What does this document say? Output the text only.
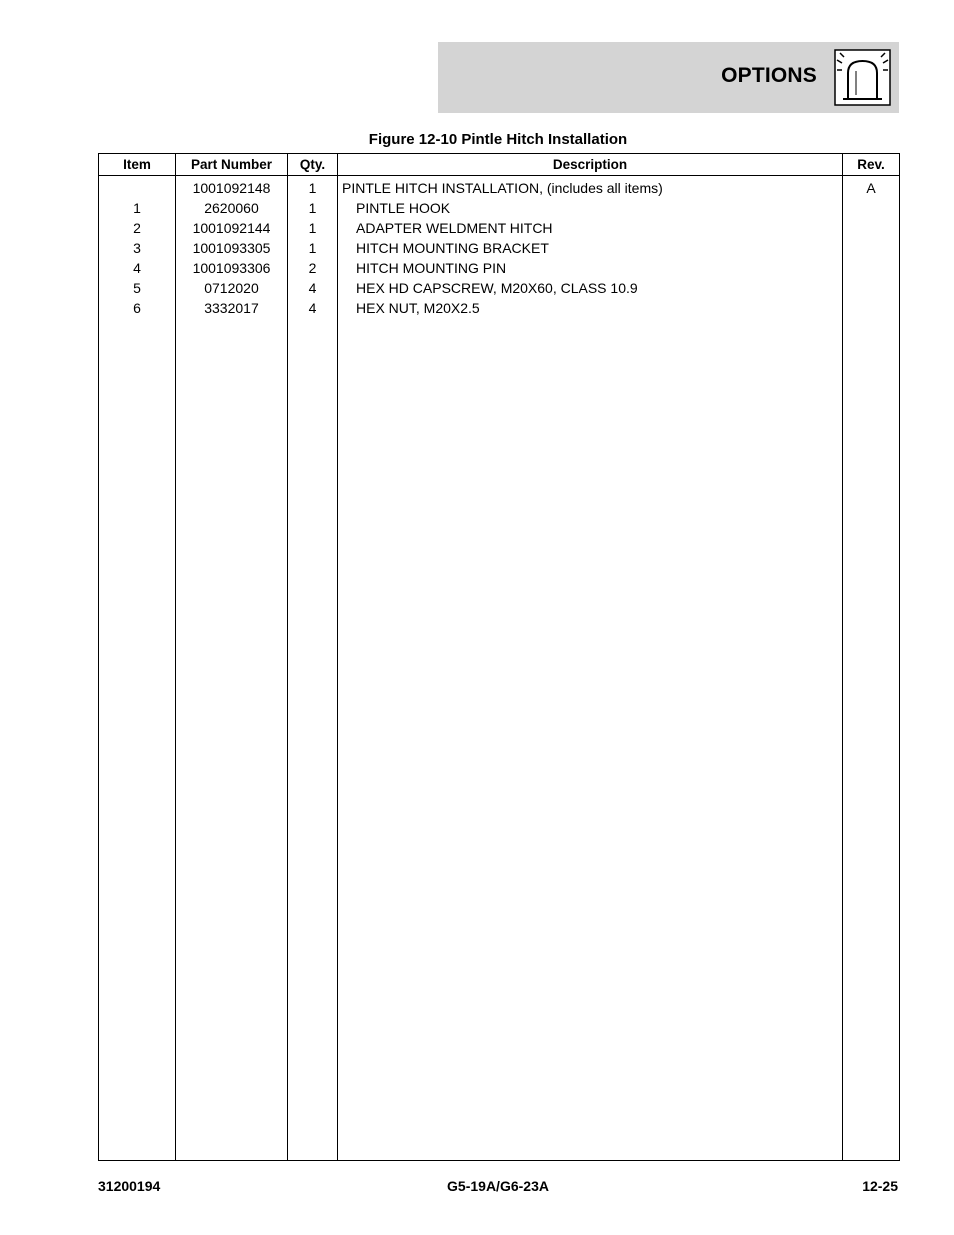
OPTIONS
Figure 12-10 Pintle Hitch Installation
Item	Part Number	Qty.	Description	Rev.
	1001092148	1	PINTLE HITCH INSTALLATION, (includes all items)	A
1	2620060	1	PINTLE HOOK	
2	1001092144	1	ADAPTER WELDMENT HITCH	
3	1001093305	1	HITCH MOUNTING BRACKET	
4	1001093306	2	HITCH MOUNTING PIN	
5	0712020	4	HEX HD CAPSCREW, M20X60, CLASS 10.9	
6	3332017	4	HEX NUT, M20X2.5	

31200194	G5-19A/G6-23A	12-25
